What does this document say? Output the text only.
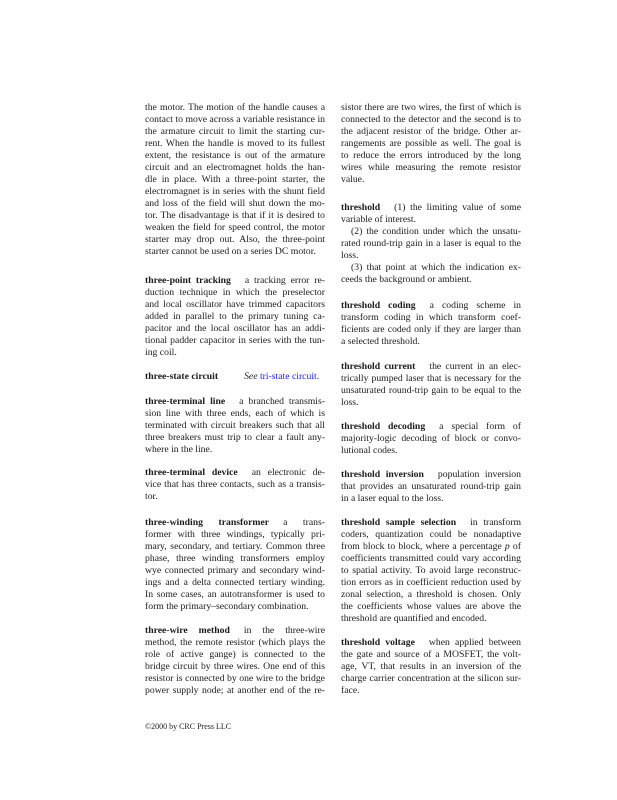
the motor. The motion of the handle causes a
contact to move across a variable resistance in
the armature circuit to limit the starting cur-
rent. When the handle is moved to its fullest
extent, the resistance is out of the armature
circuit and an electromagnet holds the han-
dle in place. With a three-point starter, the
electromagnet is in series with the shunt field
and loss of the field will shut down the mo-
tor. The disadvantage is that if it is desired to
weaken the field for speed control, the motor
starter may drop out. Also, the three-point
starter cannot be used on a series DC motor.
three-point tracking a tracking error re-
duction technique in which the preselector
and local oscillator have trimmed capacitors
added in parallel to the primary tuning ca-
pacitor and the local oscillator has an addi-
tional padder capacitor in series with the tun-
ing coil.
three-state circuit	See tri-state circuit.
three-terminal line a branched transmis-
sion line with three ends, each of which is
terminated with circuit breakers such that all
three breakers must trip to clear a fault any-
where in the line.
three-terminal device an electronic de-
vice that has three contacts, such as a transis-
tor.
three-winding transformer a trans-
former with three windings, typically pri-
mary, secondary, and tertiary. Common three
phase, three winding transformers employ
wye connected primary and secondary wind-
ings and a delta connected tertiary winding.
In some cases, an autotransformer is used to
form the primary–secondary combination.
three-wire method in the three-wire
method, the remote resistor (which plays the
role of active gange) is connected to the
bridge circuit by three wires. One end of this
resistor is connected by one wire to the bridge
power supply node; at another end of the re-
sistor there are two wires, the first of which is
connected to the detector and the second is to
the adjacent resistor of the bridge. Other ar-
rangements are possible as well. The goal is
to reduce the errors introduced by the long
wires while measuring the remote resistor
value.
threshold (1) the limiting value of some
variable of interest.
(2) the condition under which the unsatu-
rated round-trip gain in a laser is equal to the
loss.
(3) that point at which the indication ex-
ceeds the background or ambient.
threshold coding a coding scheme in
transform coding in which transform coef-
ficients are coded only if they are larger than
a selected threshold.
threshold current the current in an elec-
trically pumped laser that is necessary for the
unsaturated round-trip gain to be equal to the
loss.
threshold decoding a special form of
majority-logic decoding of block or convo-
lutional codes.
threshold inversion population inversion
that provides an unsaturated round-trip gain
in a laser equal to the loss.
threshold sample selection in transform
coders, quantization could be nonadaptive
from block to block, where a percentage p of
coefficients transmitted could vary according
to spatial activity. To avoid large reconstruc-
tion errors as in coefficient reduction used by
zonal selection, a threshold is chosen. Only
the coefficients whose values are above the
threshold are quantified and encoded.
threshold voltage when applied between
the gate and source of a MOSFET, the volt-
age, VT, that results in an inversion of the
charge carrier concentration at the silicon sur-
face.
©2000 by CRC Press LLC
